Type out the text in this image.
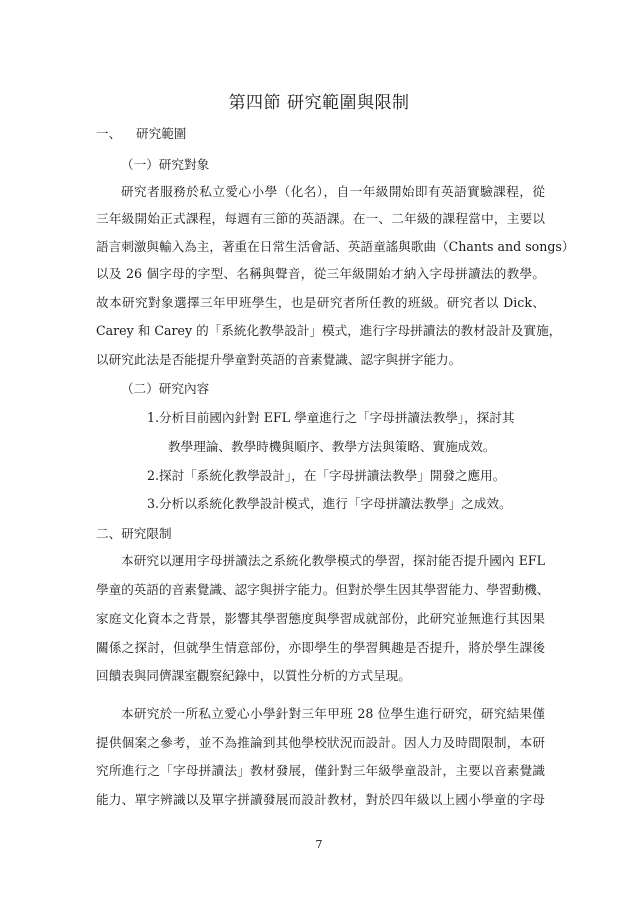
第四節 研究範圍與限制
一、 研究範圍
（一）研究對象
研究者服務於私立愛心小學（化名），自一年級開始即有英語實驗課程，從
三年級開始正式課程，每週有三節的英語課。在一、二年級的課程當中，主要以
語言刺激與輸入為主，著重在日常生活會話、英語童謠與歌曲（Chants and songs）
以及 26 個字母的字型、名稱與聲音，從三年級開始才納入字母拼讀法的教學。
故本研究對象選擇三年甲班學生，也是研究者所任教的班級。研究者以 Dick、
Carey 和 Carey 的「系統化教學設計」模式，進行字母拼讀法的教材設計及實施，
以研究此法是否能提升學童對英語的音素覺識、認字與拼字能力。
（二）研究內容
1.分析目前國內針對 EFL 學童進行之「字母拼讀法教學」，探討其
教學理論、教學時機與順序、教學方法與策略、實施成效。
2.探討「系統化教學設計」，在「字母拼讀法教學」開發之應用。
3.分析以系統化教學設計模式，進行「字母拼讀法教學」之成效。
二、研究限制
本研究以運用字母拼讀法之系統化教學模式的學習，探討能否提升國內 EFL
學童的英語的音素覺識、認字與拼字能力。但對於學生因其學習能力、學習動機、
家庭文化資本之背景，影響其學習態度與學習成就部份，此研究並無進行其因果
關係之探討，但就學生情意部份，亦即學生的學習興趣是否提升，將於學生課後
回饋表與同儕課室觀察紀錄中，以質性分析的方式呈現。
本研究於一所私立愛心小學針對三年甲班 28 位學生進行研究，研究結果僅
提供個案之參考，並不為推論到其他學校狀況而設計。因人力及時間限制，本研
究所進行之「字母拼讀法」教材發展，僅針對三年級學童設計，主要以音素覺識
能力、單字辨識以及單字拼讀發展而設計教材，對於四年級以上國小學童的字母
7
